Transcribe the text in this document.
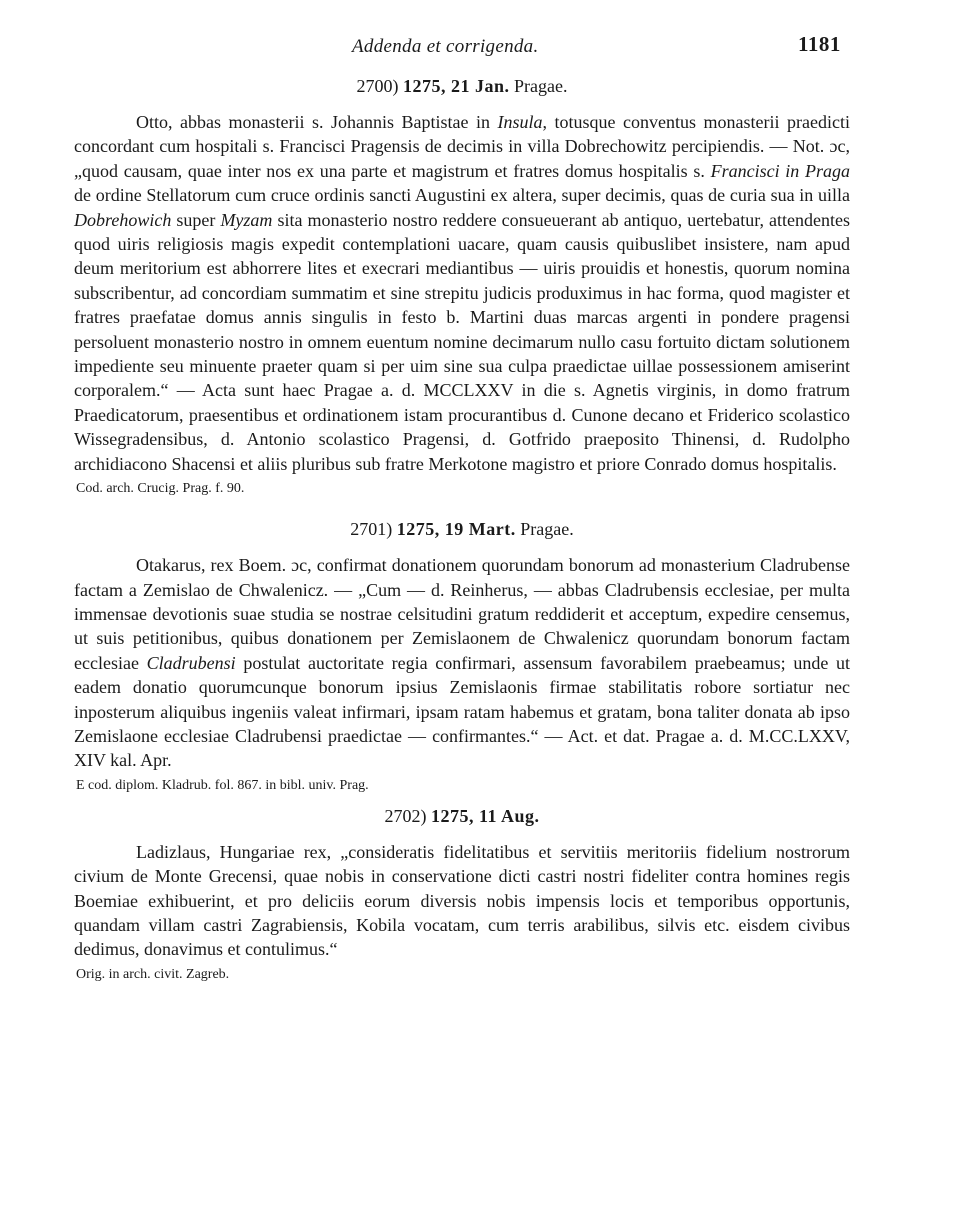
Addenda et corrigenda.	1181
2700) 1275, 21 Jan. Pragae.

Otto, abbas monasterii s. Johannis Baptistae in Insula, totusque conventus monasterii praedicti concordant cum hospitali s. Francisci Pragensis de decimis in villa Dobrechowitz percipiendis. — Not. ɔc, „quod causam, quae inter nos ex una parte et magistrum et fratres domus hospitalis s. Francisci in Praga de ordine Stellatorum cum cruce ordinis sancti Augustini ex altera, super decimis, quas de curia sua in uilla Dobrehowich super Myzam sita monasterio nostro reddere consueuerant ab antiquo, uertebatur, attendentes quod uiris religiosis magis expedit contemplationi uacare, quam causis quibuslibet insistere, nam apud deum meritorium est abhorrere lites et execrari mediantibus — uiris prouidis et honestis, quorum nomina subscribentur, ad concordiam summatim et sine strepitu judicis produximus in hac forma, quod magister et fratres praefatae domus annis singulis in festo b. Martini duas marcas argenti in pondere pragensi persoluent monasterio nostro in omnem euentum nomine decimarum nullo casu fortuito dictam solutionem impediente seu minuente praeter quam si per uim sine sua culpa praedictae uillae possessionem amiserint corporalem.“ — Acta sunt haec Pragae a. d. MCCLXXV in die s. Agnetis virginis, in domo fratrum Praedicatorum, praesentibus et ordinationem istam procurantibus d. Cunone decano et Friderico scolastico Wissegradensibus, d. Antonio scolastico Pragensi, d. Gotfrido praeposito Thinensi, d. Rudolpho archidiacono Shacensi et aliis pluribus sub fratre Merkotone magistro et priore Conrado domus hospitalis.

Cod. arch. Crucig. Prag. f. 90.
2701) 1275, 19 Mart. Pragae.

Otakarus, rex Boem. ɔc, confirmat donationem quorundam bonorum ad monasterium Cladrubense factam a Zemislao de Chwalenicz. — „Cum — d. Reinherus, — abbas Cladrubensis ecclesiae, per multa immensae devotionis suae studia se nostrae celsitudini gratum reddiderit et acceptum, expedire censemus, ut suis petitionibus, quibus donationem per Zemislaonem de Chwalenicz quorundam bonorum factam ecclesiae Cladrubensi postulat auctoritate regia confirmari, assensum favorabilem praebeamus; unde ut eadem donatio quorumcunque bonorum ipsius Zemislaonis firmae stabilitatis robore sortiatur nec inposterum aliquibus ingeniis valeat infirmari, ipsam ratam habemus et gratam, bona taliter donata ab ipso Zemislaone ecclesiae Cladrubensi praedictae — confirmantes.“ — Act. et dat. Pragae a. d. M.CC.LXXV, XIV kal. Apr.

E cod. diplom. Kladrub. fol. 867. in bibl. univ. Prag.
2702) 1275, 11 Aug.

Ladizlaus, Hungariae rex, „consideratis fidelitatibus et servitiis meritoriis fidelium nostrorum civium de Monte Grecensi, quae nobis in conservatione dicti castri nostri fideliter contra homines regis Boemiae exhibuerint, et pro deliciis eorum diversis nobis impensis locis et temporibus opportunis, quandam villam castri Zagrabiensis, Kobila vocatam, cum terris arabilibus, silvis etc. eisdem civibus dedimus, donavimus et contulimus.“

Orig. in arch. civit. Zagreb.
